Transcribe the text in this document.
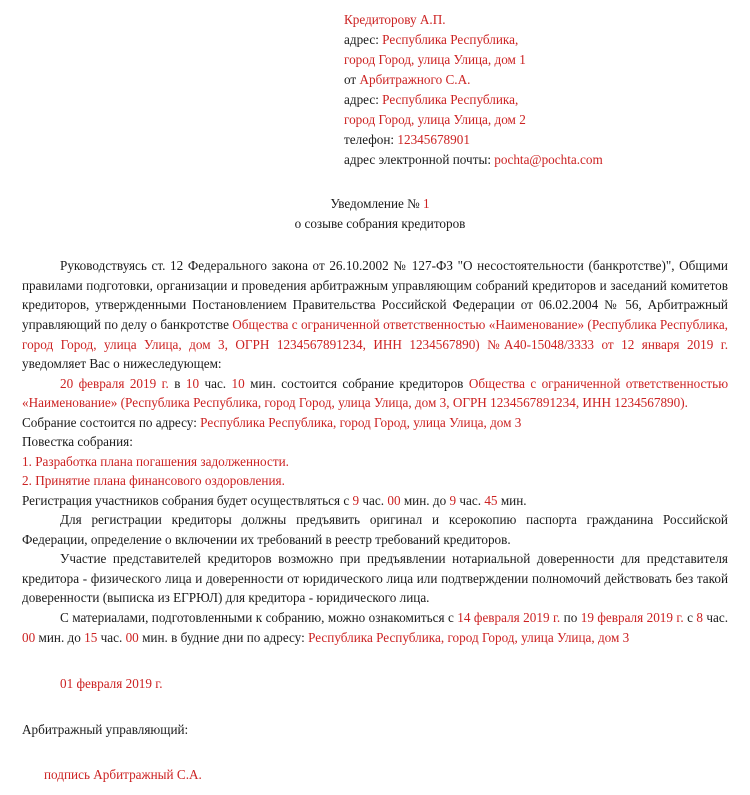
Кредиторову А.П.
адрес: Республика Республика,
город Город, улица Улица, дом 1
от Арбитражного С.А.
адрес: Республика Республика,
город Город, улица Улица, дом 2
телефон: 12345678901
адрес электронной почты: pochta@pochta.com
Уведомление № 1
о созыве собрания кредиторов

Руководствуясь ст. 12 Федерального закона от 26.10.2002 № 127-ФЗ "О несостоятельности (банкротстве)", Общими правилами подготовки, организации и проведения арбитражным управляющим собраний кредиторов и заседаний комитетов кредиторов, утвержденными Постановлением Правительства Российской Федерации от 06.02.2004 № 56, Арбитражный управляющий по делу о банкротстве Общества с ограниченной ответственностью «Наименование» (Республика Республика, город Город, улица Улица, дом 3, ОГРН 1234567891234, ИНН 1234567890) №А40-15048/3333 от 12 января 2019 г. уведомляет Вас о нижеследующем:

20 февраля 2019 г. в 10 час. 10 мин. состоится собрание кредиторов Общества с ограниченной ответственностью «Наименование» (Республика Республика, город Город, улица Улица, дом 3, ОГРН 1234567891234, ИНН 1234567890).

Собрание состоится по адресу: Республика Республика, город Город, улица Улица, дом 3

Повестка собрания:

1. Разработка плана погашения задолженности.

2. Принятие плана финансового оздоровления.

Регистрация участников собрания будет осуществляться с 9 час. 00 мин. до 9 час. 45 мин.

Для регистрации кредиторы должны предъявить оригинал и ксерокопию паспорта гражданина Российской Федерации, определение о включении их требований в реестр требований кредиторов.

Участие представителей кредиторов возможно при предъявлении нотариальной доверенности для представителя кредитора - физического лица и доверенности от юридического лица или подтверждении полномочий действовать без такой доверенности (выписка из ЕГРЮЛ) для кредитора - юридического лица.

С материалами, подготовленными к собранию, можно ознакомиться с 14 февраля 2019 г. по 19 февраля 2019 г. с 8 час. 00 мин. до 15 час. 00 мин. в будние дни по адресу: Республика Республика, город Город, улица Улица, дом 3

01 февраля 2019 г.
Арбитражный управляющий:
подпись Арбитражный С.А.
